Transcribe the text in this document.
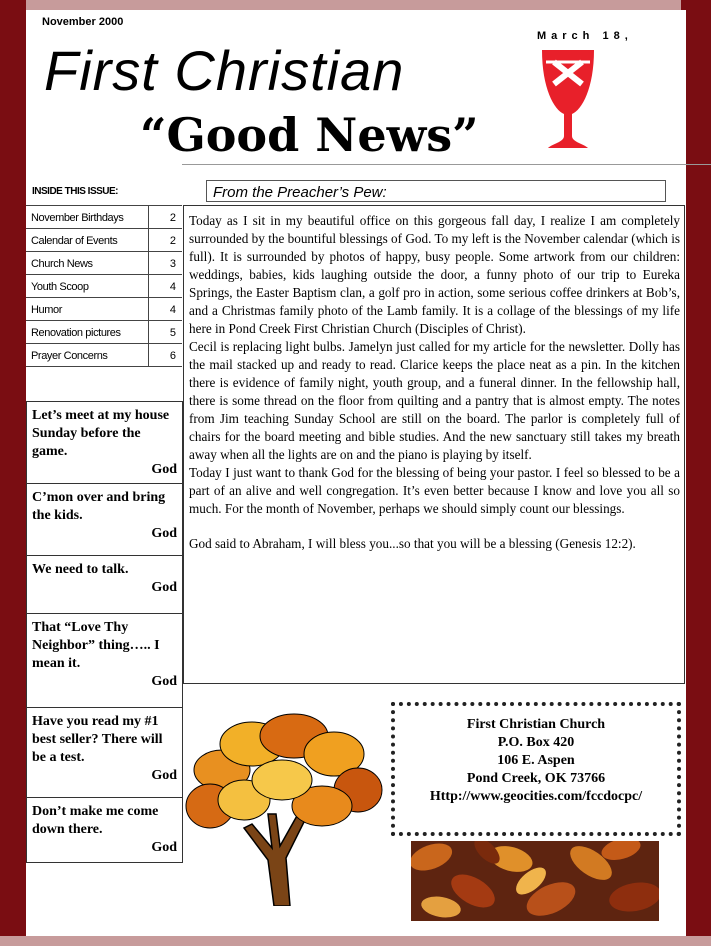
November 2000
March 18,
First Christian
“Good News”
INSIDE THIS ISSUE:
November Birthdays	2
Calendar of Events	2
Church News	3
Youth Scoop	4
Humor	4
Renovation pictures	5
Prayer Concerns	6
Let’s meet at my house Sunday before the game.
God
C’mon over and bring the kids.
God
We need to talk.
God
That “Love Thy Neighbor” thing….. I mean it.
God
Have you read my #1 best seller? There will be a test.
God
Don’t make me come down there.
God
From the Preacher’s Pew:

Today as I sit in my beautiful office on this gorgeous fall day, I realize I am completely surrounded by the bountiful blessings of God. To my left is the November calendar (which is full). It is surrounded by photos of happy, busy people. Some artwork from our children: weddings, babies, kids laughing outside the door, a funny photo of our trip to Eureka Springs, the Easter Baptism clan, a golf pro in action, some serious coffee drinkers at Bob’s, and a Christmas family photo of the Lamb family. It is a collage of the blessings of my life here in Pond Creek First Christian Church (Disciples of Christ).

Cecil is replacing light bulbs. Jamelyn just called for my article for the newsletter. Dolly has the mail stacked up and ready to read. Clarice keeps the place neat as a pin. In the kitchen there is evidence of family night, youth group, and a funeral dinner. In the fellowship hall, there is some thread on the floor from quilting and a pantry that is almost empty. The notes from Jim teaching Sunday School are still on the board. The parlor is completely full of chairs for the board meeting and bible studies. And the new sanctuary still takes my breath away when all the lights are on and the piano is playing by itself.

Today I just want to thank God for the blessing of being your pastor. I feel so blessed to be a part of an alive and well congregation. It’s even better because I know and love you all so much. For the month of November, perhaps we should simply count our blessings.

God said to Abraham, I will bless you...so that you will be a blessing (Genesis 12:2).

First Christian Church
P.O. Box 420
106 E. Aspen
Pond Creek, OK 73766
Http://www.geocities.com/fccdocpc/
